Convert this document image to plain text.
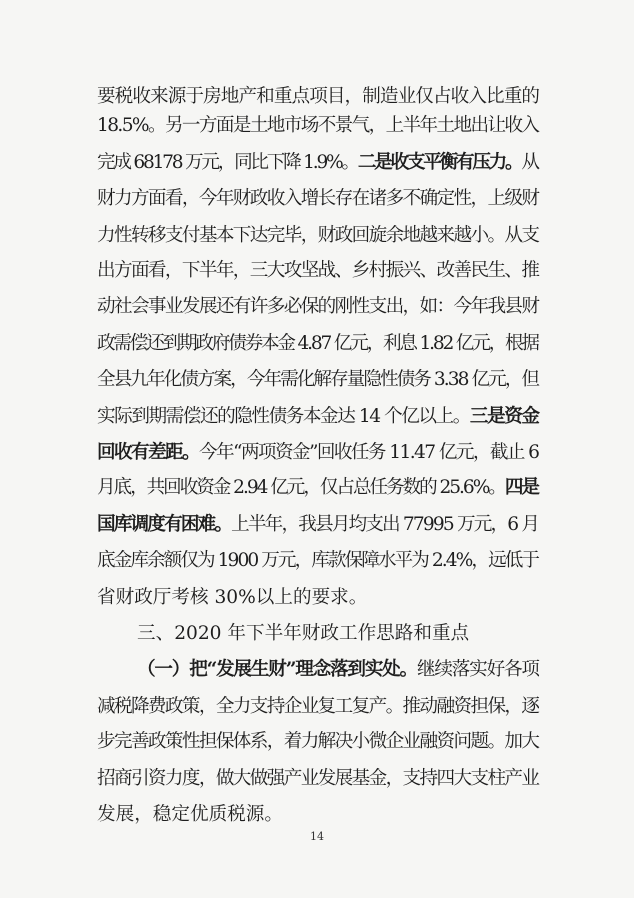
要税收来源于房地产和重点项目，制造业仅占收入比重的
18.5%。另一方面是土地市场不景气，上半年土地出让收入
完成 68178 万元，同比下降 1.9%。二是收支平衡有压力。从
财力方面看，今年财政收入增长存在诸多不确定性，上级财
力性转移支付基本下达完毕，财政回旋余地越来越小。从支
出方面看，下半年，三大攻坚战、乡村振兴、改善民生、推
动社会事业发展还有许多必保的刚性支出，如：今年我县财
政需偿还到期政府债券本金 4.87 亿元，利息 1.82 亿元，根据
全县九年化债方案，今年需化解存量隐性债务 3.38 亿元，但
实际到期需偿还的隐性债务本金达 14 个亿以上。三是资金
回收有差距。今年“两项资金”回收任务 11.47 亿元，截止 6
月底，共回收资金 2.94 亿元，仅占总任务数的 25.6%。四是
国库调度有困难。上半年，我县月均支出 77995 万元，6 月
底金库余额仅为 1900 万元，库款保障水平为 2.4%，远低于
省财政厅考核 30%以上的要求。
三、2020 年下半年财政工作思路和重点
（一）把“发展生财”理念落到实处。继续落实好各项
减税降费政策，全力支持企业复工复产。推动融资担保，逐
步完善政策性担保体系，着力解决小微企业融资问题。加大
招商引资力度，做大做强产业发展基金，支持四大支柱产业
发展，稳定优质税源。
14
